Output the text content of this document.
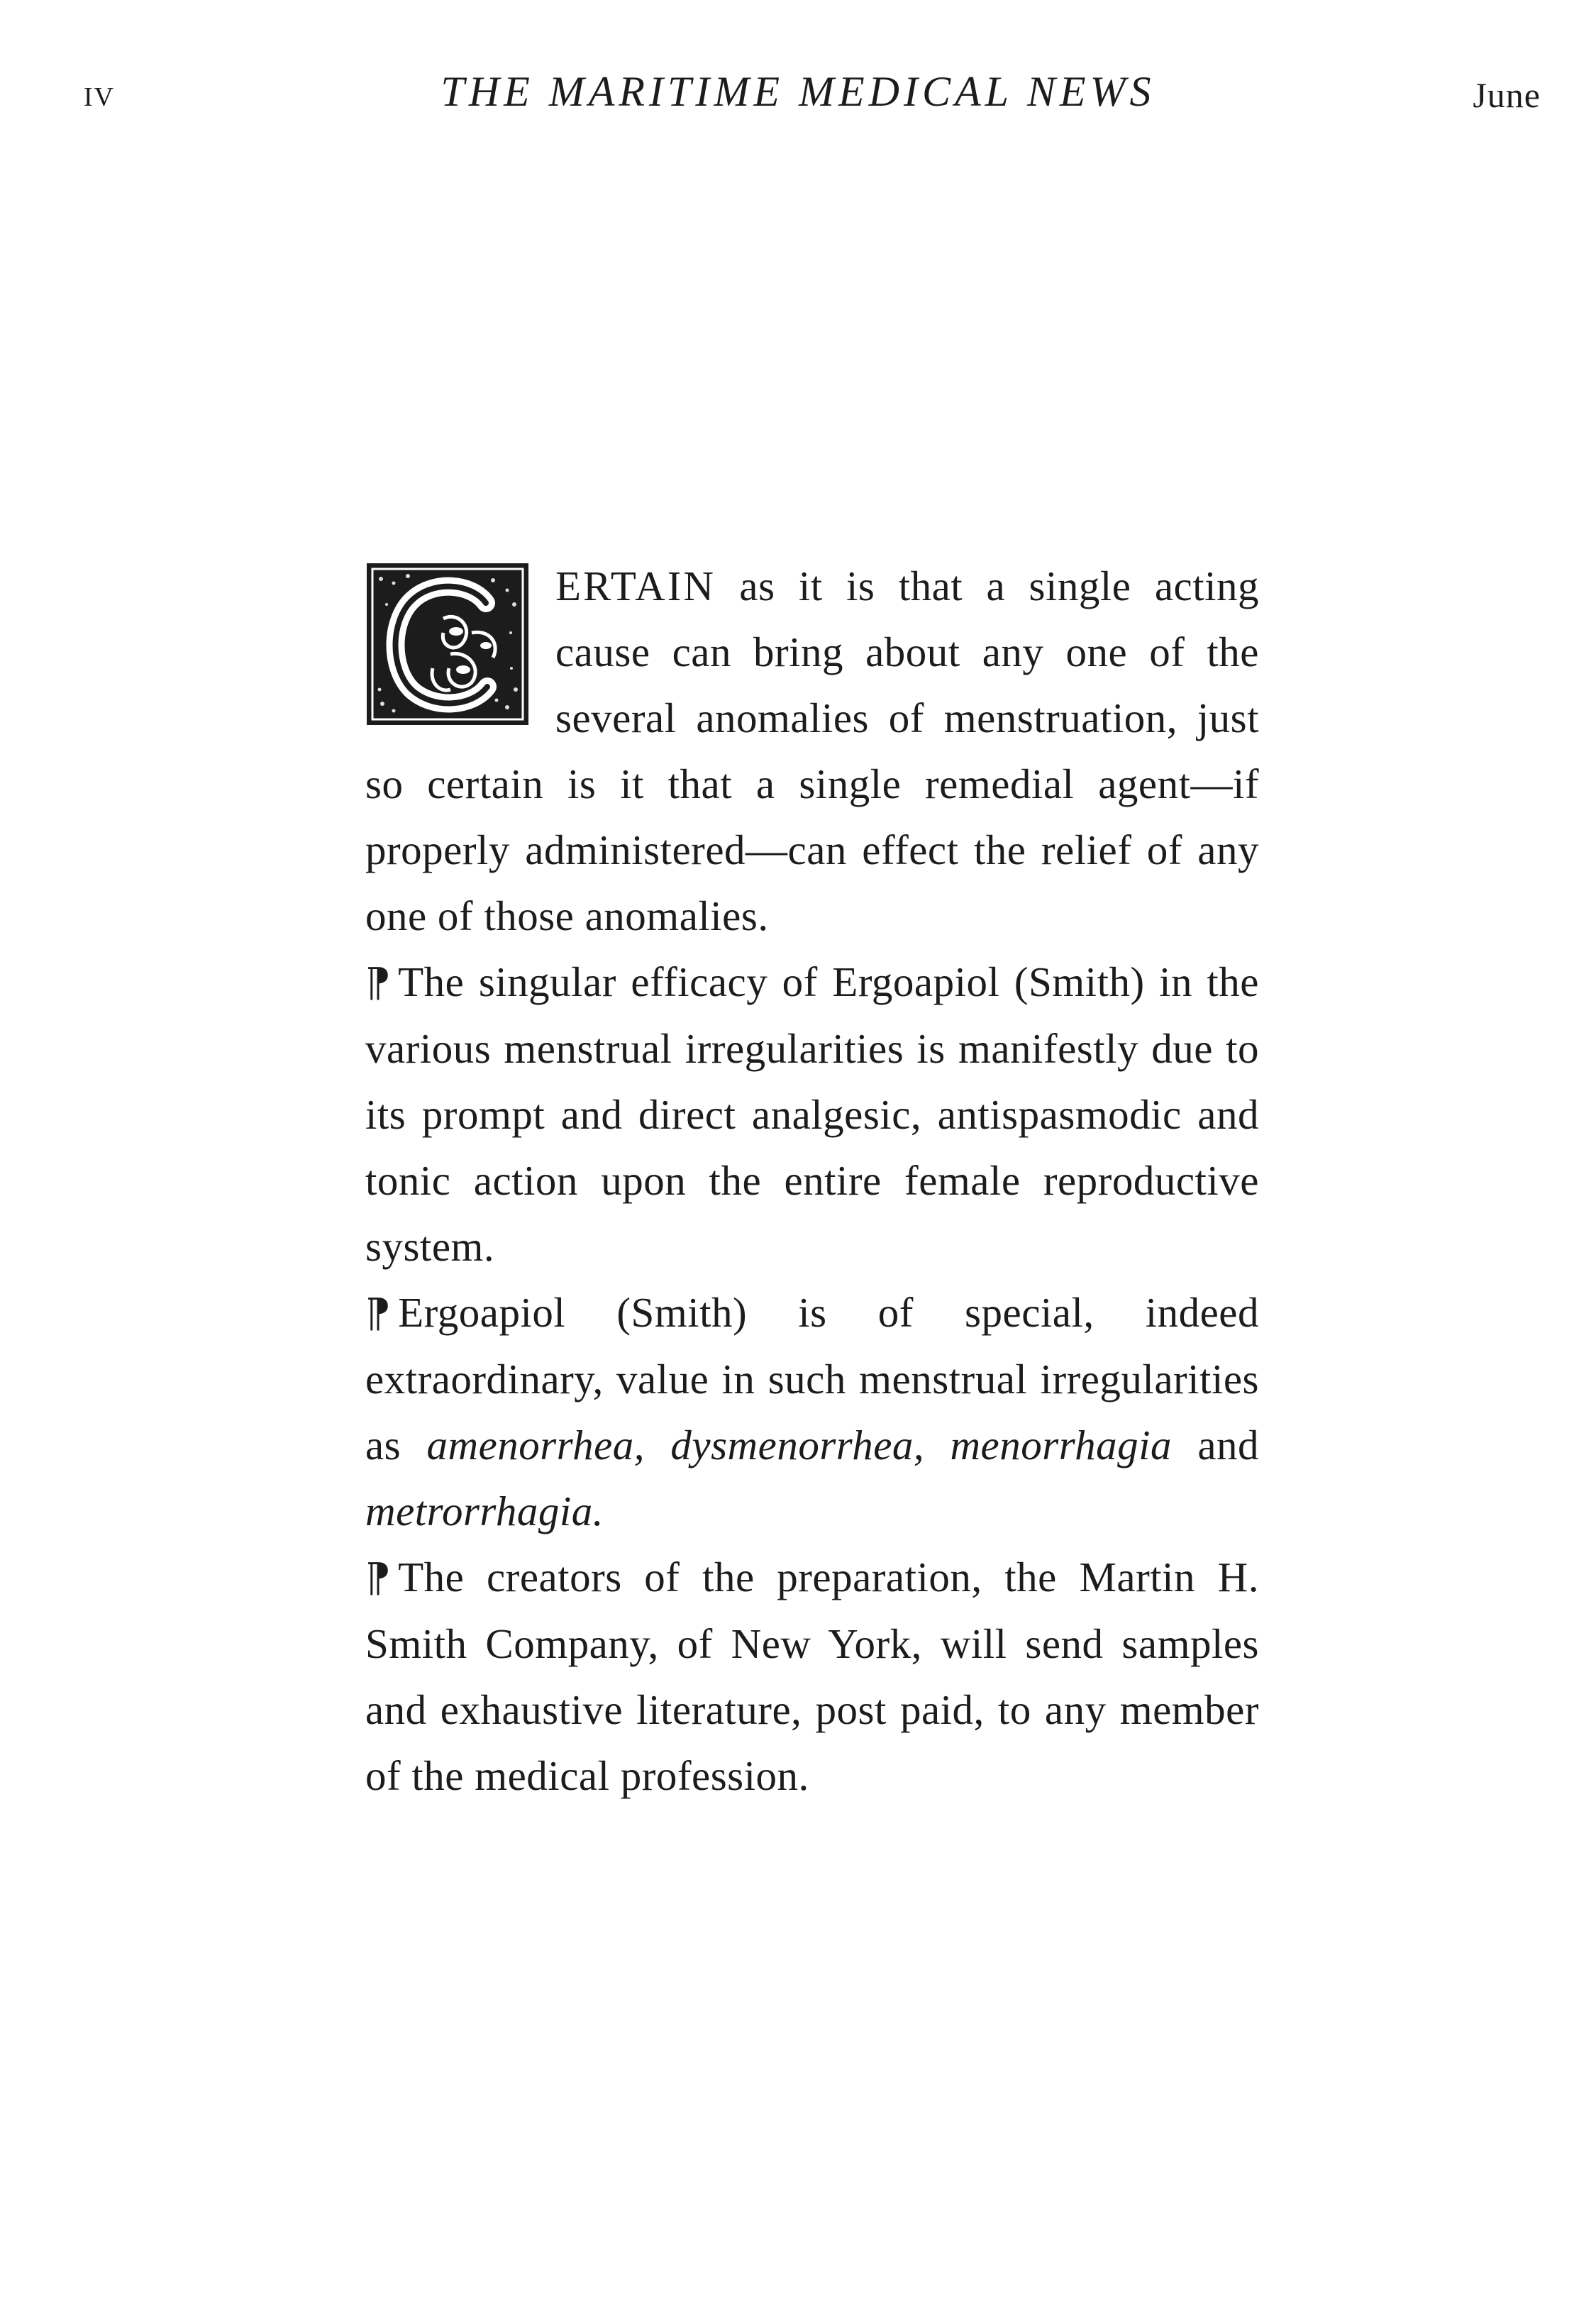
IV	THE MARITIME MEDICAL NEWS	June

ERTAIN as it is that a single acting cause can bring about any one of the several anomalies of menstruation, just so certain is it that a single remedial agent—if properly administered—can effect the relief of any one of those anomalies.

¶ The singular efficacy of Ergoapiol (Smith) in the various menstrual irregularities is manifestly due to its prompt and direct analgesic, antispasmodic and tonic action upon the entire female reproductive system.

¶ Ergoapiol (Smith) is of special, indeed extraordinary, value in such menstrual irregularities as amenorrhea, dysmenorrhea, menorrhagia and metrorrhagia.

¶ The creators of the preparation, the Martin H. Smith Company, of New York, will send samples and exhaustive literature, post paid, to any member of the medical profession.
